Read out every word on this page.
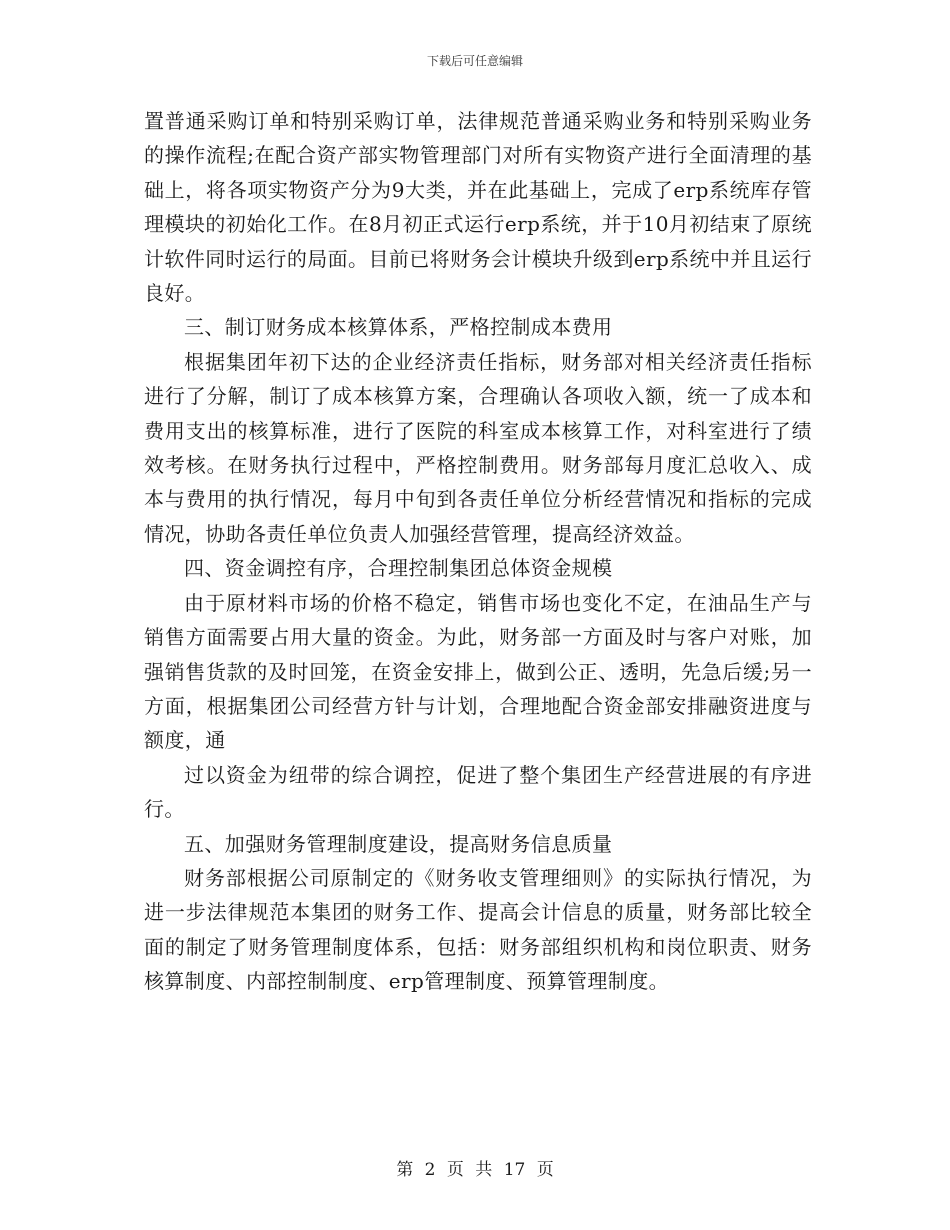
下载后可任意编辑

置普通采购订单和特别采购订单，法律规范普通采购业务和特别采购业务的操作流程;在配合资产部实物管理部门对所有实物资产进行全面清理的基础上，将各项实物资产分为9大类，并在此基础上，完成了erp系统库存管理模块的初始化工作。在8月初正式运行erp系统，并于10月初结束了原统计软件同时运行的局面。目前已将财务会计模块升级到erp系统中并且运行良好。

三、制订财务成本核算体系，严格控制成本费用

根据集团年初下达的企业经济责任指标，财务部对相关经济责任指标进行了分解，制订了成本核算方案，合理确认各项收入额，统一了成本和费用支出的核算标准，进行了医院的科室成本核算工作，对科室进行了绩效考核。在财务执行过程中，严格控制费用。财务部每月度汇总收入、成本与费用的执行情况，每月中旬到各责任单位分析经营情况和指标的完成情况，协助各责任单位负责人加强经营管理，提高经济效益。

四、资金调控有序，合理控制集团总体资金规模

由于原材料市场的价格不稳定，销售市场也变化不定，在油品生产与销售方面需要占用大量的资金。为此，财务部一方面及时与客户对账，加强销售货款的及时回笼，在资金安排上，做到公正、透明，先急后缓;另一方面，根据集团公司经营方针与计划，合理地配合资金部安排融资进度与额度，通

过以资金为纽带的综合调控，促进了整个集团生产经营进展的有序进行。

五、加强财务管理制度建设，提高财务信息质量

财务部根据公司原制定的《财务收支管理细则》的实际执行情况，为进一步法律规范本集团的财务工作、提高会计信息的质量，财务部比较全面的制定了财务管理制度体系，包括：财务部组织机构和岗位职责、财务核算制度、内部控制制度、erp管理制度、预算管理制度。

第 2 页 共 17 页
